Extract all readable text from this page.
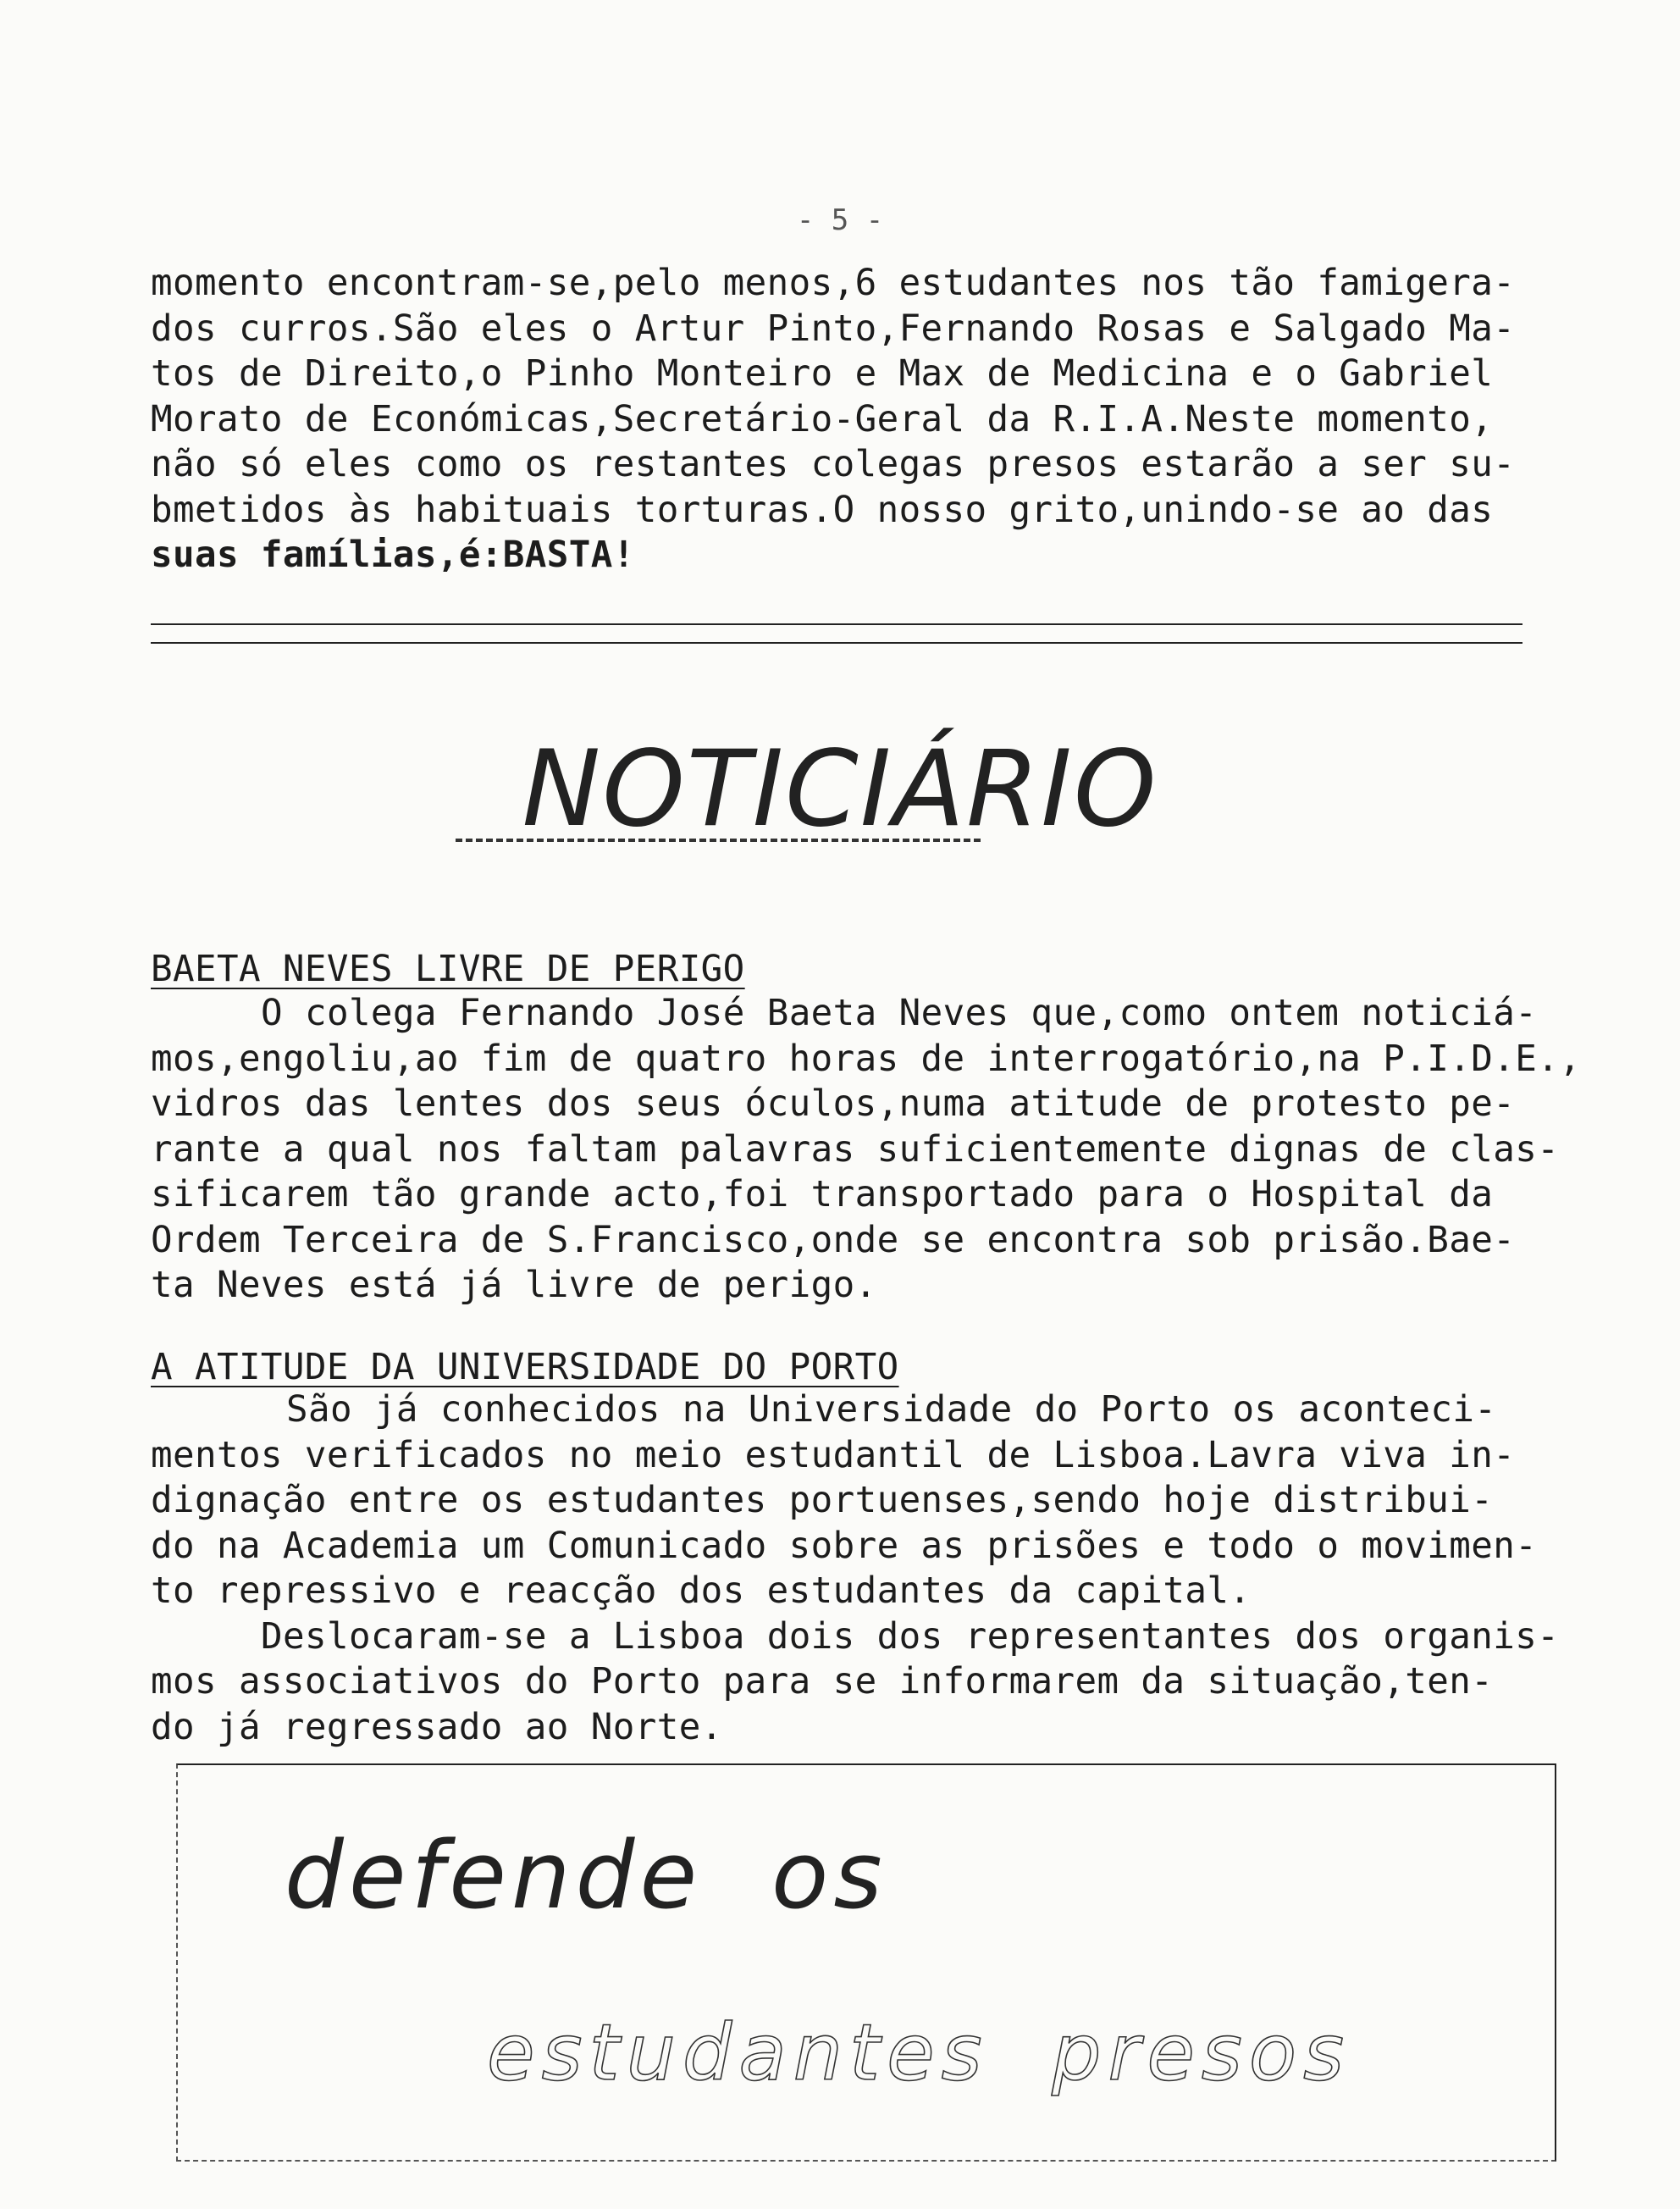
- 5 -
momento encontram-se,pelo menos,6 estudantes nos tão famigera-
dos curros.São eles o Artur Pinto,Fernando Rosas e Salgado Ma-
tos de Direito,o Pinho Monteiro e Max de Medicina e o Gabriel
Morato de Económicas,Secretário-Geral da R.I.A.Neste momento,
não só eles como os restantes colegas presos estarão a ser su-
bmetidos às habituais torturas.O nosso grito,unindo-se ao das
suas famílias,é:BASTA!
NOTICIÁRIO
BAETA NEVES LIVRE DE PERIGO
O colega Fernando José Baeta Neves que,como ontem noticiá-
mos,engoliu,ao fim de quatro horas de interrogatório,na P.I.D.E.,
vidros das lentes dos seus óculos,numa atitude de protesto pe-
rante a qual nos faltam palavras suficientemente dignas de clas-
sificarem tão grande acto,foi transportado para o Hospital da
Ordem Terceira de S.Francisco,onde se encontra sob prisão.Bae-
ta Neves está já livre de perigo.
A ATITUDE DA UNIVERSIDADE DO PORTO
São já conhecidos na Universidade do Porto os aconteci-
mentos verificados no meio estudantil de Lisboa.Lavra viva in-
dignação entre os estudantes portuenses,sendo hoje distribui-
do na Academia um Comunicado sobre as prisões e todo o movimen-
to repressivo e reacção dos estudantes da capital.
Deslocaram-se a Lisboa dois dos representantes dos organis-
mos associativos do Porto para se informarem da situação,ten-
do já regressado ao Norte.
defende  os
estudantes  presos
